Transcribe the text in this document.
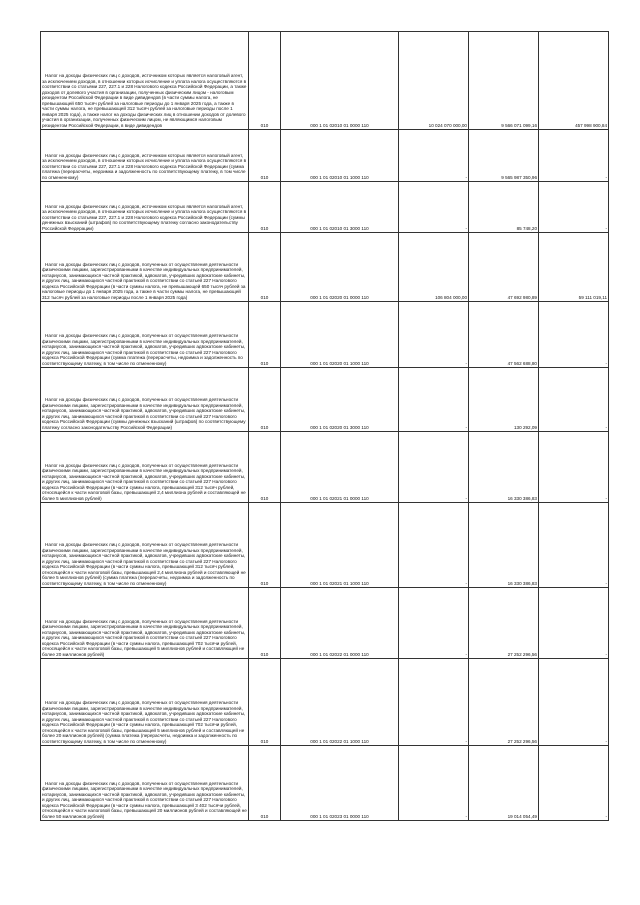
Налог на доходы физических лиц с доходов, источником которых является налоговый агент, за исключением доходов, в отношении которых исчисление и уплата налога осуществляются в соответствии со статьями 227, 227.1 и 228 Налогового кодекса Российской Федерации, а также доходов от долевого участия в организации, полученных физическим лицом - налоговым резидентом Российской Федерации в виде дивидендов (в части суммы налога, не превышающей 650 тысяч рублей за налоговые периоды до 1 января 2025 года, а также в части суммы налога, не превышающей 312 тысяч рублей за налоговые периоды после 1 января 2025 года), а также налог на доходы физических лиц в отношении доходов от долевого участия в организации, полученных физическим лицом, не являющимся налоговым резидентом Российской Федерации, в виде дивидендов	010	000 1 01 02010 01 0000 110	10 024 070 000,00	9 566 071 099,16	457 998 900,84

Налог на доходы физических лиц с доходов, источником которых является налоговый агент, за исключением доходов, в отношении которых исчисление и уплата налога осуществляются в соответствии со статьями 227, 227.1 и 228 Налогового кодекса Российской Федерации (сумма платежа (перерасчеты, недоимка и задолженность по соответствующему платежу, в том числе по отмененному)	010	000 1 01 02010 01 1000 110	-	9 565 987 350,96	-

Налог на доходы физических лиц с доходов, источником которых является налоговый агент, за исключением доходов, в отношении которых исчисление и уплата налога осуществляются в соответствии со статьями 227, 227.1 и 228 Налогового кодекса Российской Федерации (суммы денежных взысканий (штрафов) по соответствующему платежу согласно законодательству Российской Федерации)	010	000 1 01 02010 01 3000 110	-	85 748,20	-

Налог на доходы физических лиц с доходов, полученных от осуществления деятельности физическими лицами, зарегистрированными в качестве индивидуальных предпринимателей, нотариусов, занимающихся частной практикой, адвокатов, учредивших адвокатские кабинеты, и других лиц, занимающихся частной практикой в соответствии со статьей 227 Налогового кодекса Российской Федерации (в части суммы налога, не превышающей 650 тысяч рублей за налоговые периоды до 1 января 2025 года, а также в части суммы налога, не превышающей 312 тысяч рублей за налоговые периоды после 1 января 2025 года)	010	000 1 01 02020 01 0000 110	106 804 000,00	47 692 980,89	59 111 019,11

Налог на доходы физических лиц с доходов, полученных от осуществления деятельности физическими лицами, зарегистрированными в качестве индивидуальных предпринимателей, нотариусов, занимающихся частной практикой, адвокатов, учредивших адвокатские кабинеты, и других лиц, занимающихся частной практикой в соответствии со статьей 227 Налогового кодекса Российской Федерации (сумма платежа (перерасчеты, недоимка и задолженность по соответствующему платежу, в том числе по отмененному)	010	000 1 01 02020 01 1000 110	-	47 562 688,80	-

Налог на доходы физических лиц с доходов, полученных от осуществления деятельности физическими лицами, зарегистрированными в качестве индивидуальных предпринимателей, нотариусов, занимающихся частной практикой, адвокатов, учредивших адвокатские кабинеты, и других лиц, занимающихся частной практикой в соответствии со статьей 227 Налогового кодекса Российской Федерации (суммы денежных взысканий (штрафов) по соответствующему платежу согласно законодательству Российской Федерации)	010	000 1 01 02020 01 3000 110	-	130 292,09	-

Налог на доходы физических лиц с доходов, полученных от осуществления деятельности физическими лицами, зарегистрированными в качестве индивидуальных предпринимателей, нотариусов, занимающихся частной практикой, адвокатов, учредивших адвокатские кабинеты, и других лиц, занимающихся частной практикой в соответствии со статьей 227 Налогового кодекса Российской Федерации (в части суммы налога, превышающей 312 тысяч рублей, относящейся к части налоговой базы, превышающей 2,4 миллиона рублей и составляющей не более 5 миллионов рублей)	010	000 1 01 02021 01 0000 110	-	16 330 386,83	-

Налог на доходы физических лиц с доходов, полученных от осуществления деятельности физическими лицами, зарегистрированными в качестве индивидуальных предпринимателей, нотариусов, занимающихся частной практикой, адвокатов, учредивших адвокатские кабинеты, и других лиц, занимающихся частной практикой в соответствии со статьей 227 Налогового кодекса Российской Федерации (в части суммы налога, превышающей 312 тысяч рублей, относящейся к части налоговой базы, превышающей 2,4 миллиона рублей и составляющей не более 5 миллионов рублей) (сумма платежа (перерасчеты, недоимка и задолженность по соответствующему платежу, в том числе по отмененному)	010	000 1 01 02021 01 1000 110	-	16 330 386,83	-

Налог на доходы физических лиц с доходов, полученных от осуществления деятельности физическими лицами, зарегистрированными в качестве индивидуальных предпринимателей, нотариусов, занимающихся частной практикой, адвокатов, учредивших адвокатские кабинеты, и других лиц, занимающихся частной практикой в соответствии со статьей 227 Налогового кодекса Российской Федерации (в части суммы налога, превышающей 702 тысячи рублей, относящейся к части налоговой базы, превышающей 5 миллионов рублей и составляющей не более 20 миллионов рублей)	010	000 1 01 02022 01 0000 110	-	27 252 296,56	-

Налог на доходы физических лиц с доходов, полученных от осуществления деятельности физическими лицами, зарегистрированными в качестве индивидуальных предпринимателей, нотариусов, занимающихся частной практикой, адвокатов, учредивших адвокатские кабинеты, и других лиц, занимающихся частной практикой в соответствии со статьей 227 Налогового кодекса Российской Федерации (в части суммы налога, превышающей 702 тысячи рублей, относящейся к части налоговой базы, превышающей 5 миллионов рублей и составляющей не более 20 миллионов рублей) (сумма платежа (перерасчеты, недоимка и задолженность по соответствующему платежу, в том числе по отмененному)	010	000 1 01 02022 01 1000 110	-	27 252 296,56	-

Налог на доходы физических лиц с доходов, полученных от осуществления деятельности физическими лицами, зарегистрированными в качестве индивидуальных предпринимателей, нотариусов, занимающихся частной практикой, адвокатов, учредивших адвокатские кабинеты, и других лиц, занимающихся частной практикой в соответствии со статьей 227 Налогового кодекса Российской Федерации (в части суммы налога, превышающей 3 402 тысячи рублей, относящейся к части налоговой базы, превышающей 20 миллионов рублей и составляющей не более 50 миллионов рублей)	010	000 1 01 02023 01 0000 110	-	19 014 054,49	-
